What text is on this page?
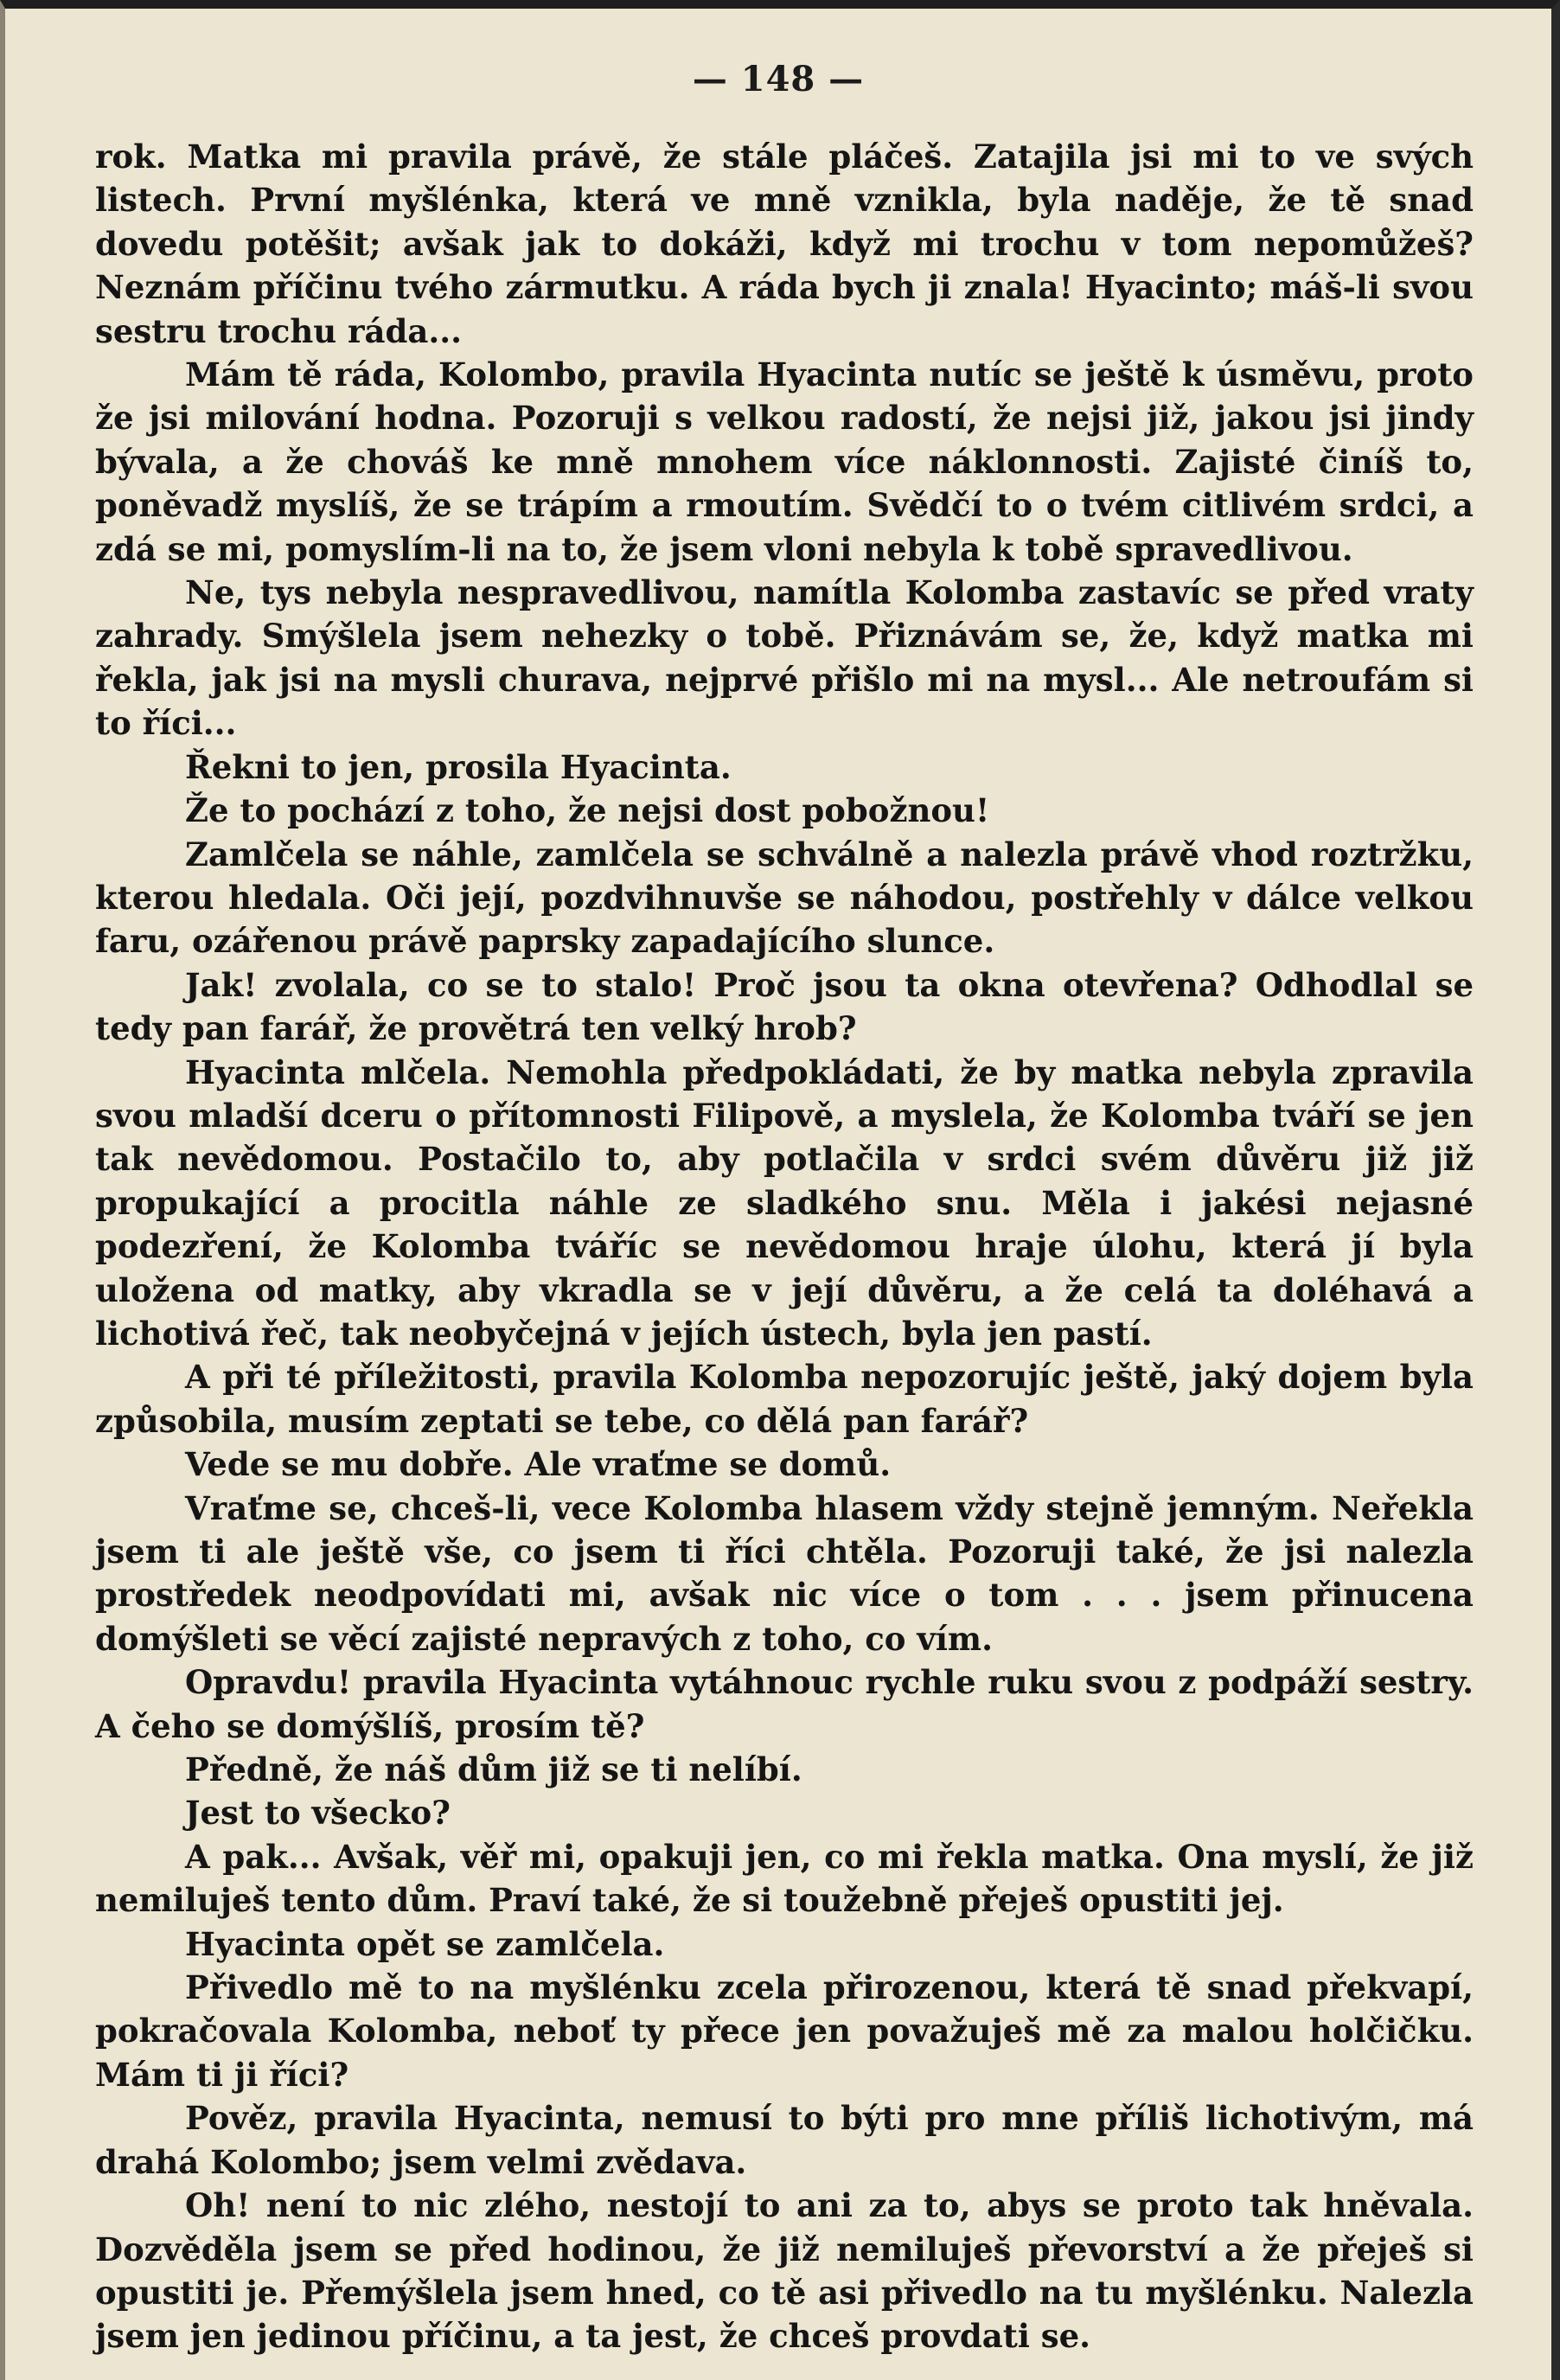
— 148 —

rok. Matka mi pravila právě, že stále pláčeš. Zatajila jsi mi to ve svých listech. První myšlénka, která ve mně vznikla, byla naděje, že tě snad dovedu potěšit; avšak jak to dokáži, když mi trochu v tom nepomůžeš? Neznám příčinu tvého zármutku. A ráda bych ji znala! Hyacinto; máš-li svou sestru trochu ráda...

Mám tě ráda, Kolombo, pravila Hyacinta nutíc se ještě k úsměvu, proto že jsi milování hodna. Pozoruji s velkou radostí, že nejsi již, jakou jsi jindy bývala, a že chováš ke mně mnohem více náklonnosti. Zajisté činíš to, poněvadž myslíš, že se trápím a rmoutím. Svědčí to o tvém citlivém srdci, a zdá se mi, pomyslím-li na to, že jsem vloni nebyla k tobě spravedlivou.

Ne, tys nebyla nespravedlivou, namítla Kolomba zastavíc se před vraty zahrady. Smýšlela jsem nehezky o tobě. Přiznávám se, že, když matka mi řekla, jak jsi na mysli churava, nejprvé přišlo mi na mysl... Ale netroufám si to říci...

Řekni to jen, prosila Hyacinta.

Že to pochází z toho, že nejsi dost pobožnou!

Zamlčela se náhle, zamlčela se schválně a nalezla právě vhod roztržku, kterou hledala. Oči její, pozdvihnuvše se náhodou, postřehly v dálce velkou faru, ozářenou právě paprsky zapadajícího slunce.

Jak! zvolala, co se to stalo! Proč jsou ta okna otevřena? Odhodlal se tedy pan farář, že provětrá ten velký hrob?

Hyacinta mlčela. Nemohla předpokládati, že by matka nebyla zpravila svou mladší dceru o přítomnosti Filipově, a myslela, že Kolomba tváří se jen tak nevědomou. Postačilo to, aby potlačila v srdci svém důvěru již již propukající a procitla náhle ze sladkého snu. Měla i jakési nejasné podezření, že Kolomba tváříc se nevědomou hraje úlohu, která jí byla uložena od matky, aby vkradla se v její důvěru, a že celá ta doléhavá a lichotivá řeč, tak neobyčejná v jejích ústech, byla jen pastí.

A při té příležitosti, pravila Kolomba nepozorujíc ještě, jaký dojem byla způsobila, musím zeptati se tebe, co dělá pan farář?

Vede se mu dobře. Ale vraťme se domů.

Vraťme se, chceš-li, vece Kolomba hlasem vždy stejně jemným. Neřekla jsem ti ale ještě vše, co jsem ti říci chtěla. Pozoruji také, že jsi nalezla prostředek neodpovídati mi, avšak nic více o tom . . . jsem přinucena domýšleti se věcí zajisté nepravých z toho, co vím.

Opravdu! pravila Hyacinta vytáhnouc rychle ruku svou z podpáží sestry. A čeho se domýšlíš, prosím tě?

Předně, že náš dům již se ti nelíbí.

Jest to všecko?

A pak... Avšak, věř mi, opakuji jen, co mi řekla matka. Ona myslí, že již nemiluješ tento dům. Praví také, že si toužebně přeješ opustiti jej.

Hyacinta opět se zamlčela.

Přivedlo mě to na myšlénku zcela přirozenou, která tě snad překvapí, pokračovala Kolomba, neboť ty přece jen považuješ mě za malou holčičku. Mám ti ji říci?

Pověz, pravila Hyacinta, nemusí to býti pro mne příliš lichotivým, má drahá Kolombo; jsem velmi zvědava.

Oh! není to nic zlého, nestojí to ani za to, abys se proto tak hněvala. Dozvěděla jsem se před hodinou, že již nemiluješ převorství a že přeješ si opustiti je. Přemýšlela jsem hned, co tě asi přivedlo na tu myšlénku. Nalezla jsem jen jedinou příčinu, a ta jest, že chceš provdati se.
